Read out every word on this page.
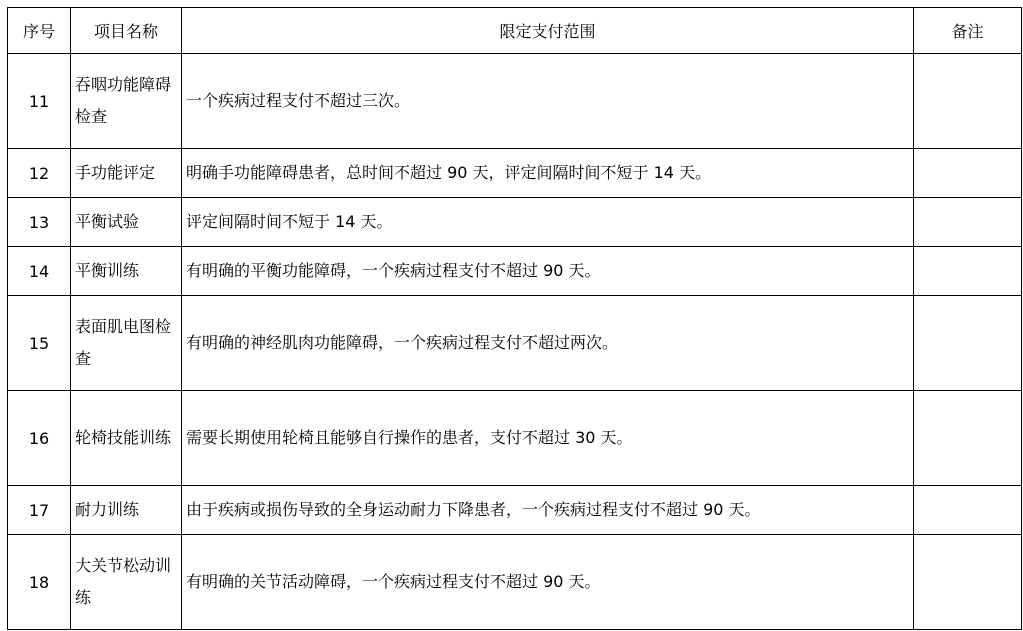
序号	项目名称	限定支付范围	备注
11	吞咽功能障碍检查	一个疾病过程支付不超过三次。	
12	手功能评定	明确手功能障碍患者，总时间不超过 90 天，评定间隔时间不短于 14 天。	
13	平衡试验	评定间隔时间不短于 14 天。	
14	平衡训练	有明确的平衡功能障碍，一个疾病过程支付不超过 90 天。	
15	表面肌电图检查	有明确的神经肌肉功能障碍，一个疾病过程支付不超过两次。	
16	轮椅技能训练	需要长期使用轮椅且能够自行操作的患者，支付不超过 30 天。	
17	耐力训练	由于疾病或损伤导致的全身运动耐力下降患者，一个疾病过程支付不超过 90 天。	
18	大关节松动训练	有明确的关节活动障碍，一个疾病过程支付不超过 90 天。	
